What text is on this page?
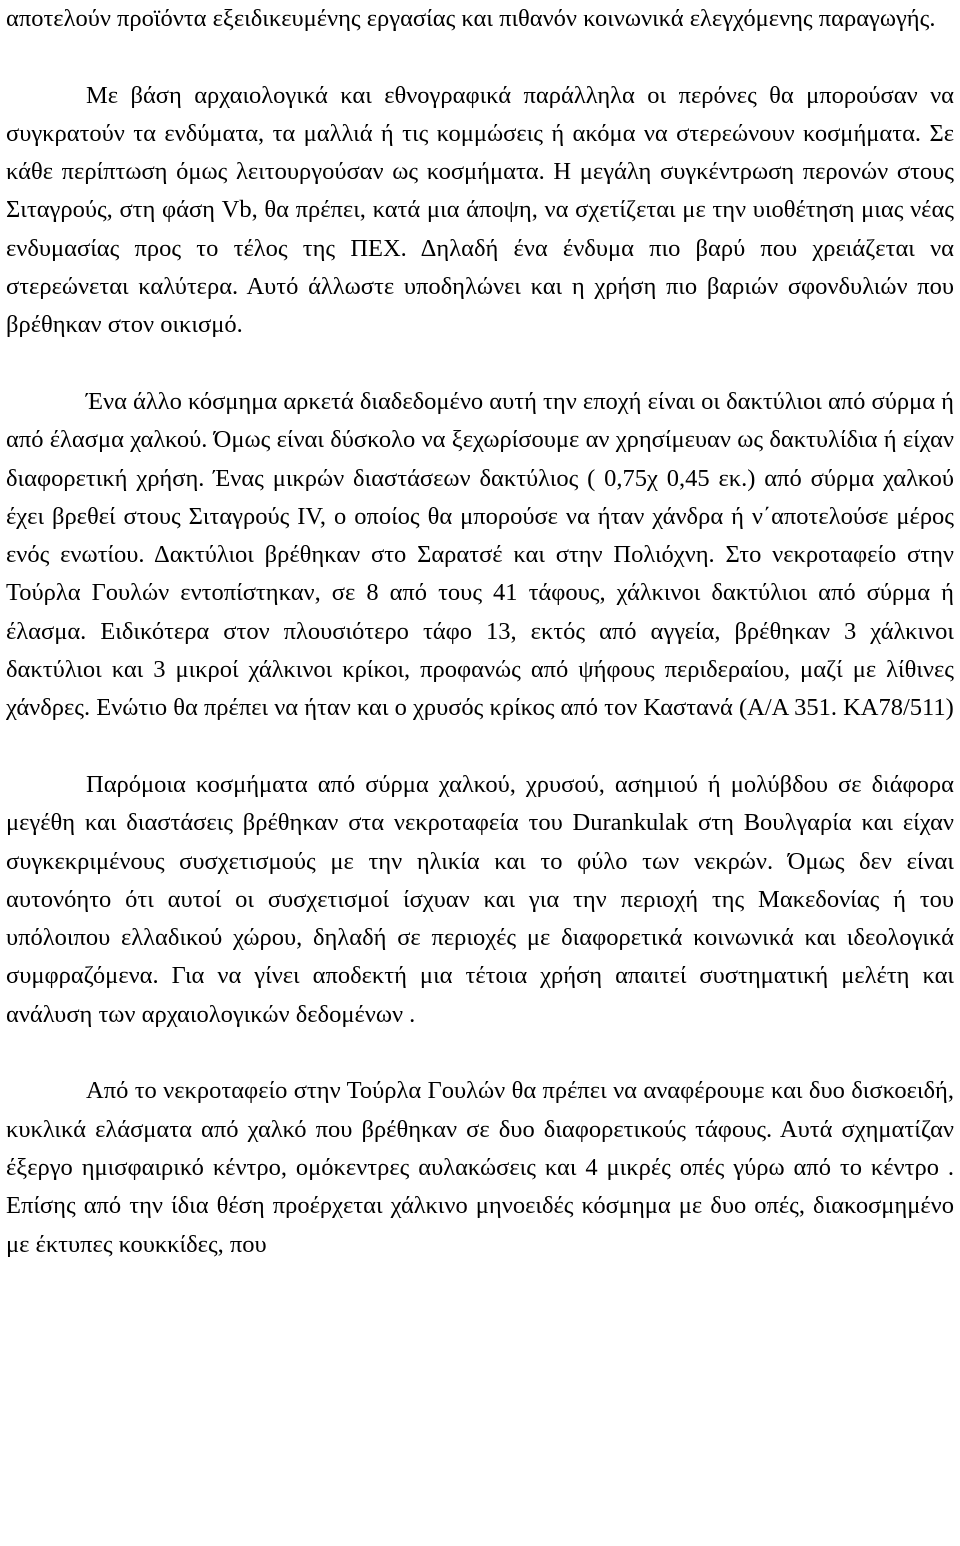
αποτελούν προϊόντα εξειδικευμένης εργασίας και πιθανόν κοινωνικά ελεγχόμενης παραγωγής.

Με βάση αρχαιολογικά και εθνογραφικά παράλληλα οι περόνες θα μπορούσαν να συγκρατούν τα ενδύματα, τα μαλλιά ή τις κομμώσεις ή ακόμα να στερεώνουν κοσμήματα. Σε κάθε περίπτωση όμως λειτουργούσαν ως κοσμήματα. Η μεγάλη συγκέντρωση περονών στους Σιταγρούς, στη φάση Vb, θα πρέπει, κατά μια άποψη, να σχετίζεται με την υιοθέτηση μιας νέας ενδυμασίας προς το τέλος της ΠΕΧ. Δηλαδή ένα ένδυμα πιο βαρύ που χρειάζεται να στερεώνεται καλύτερα. Αυτό άλλωστε υποδηλώνει και η χρήση πιο βαριών σφονδυλιών που βρέθηκαν στον οικισμό.

Ένα άλλο κόσμημα αρκετά διαδεδομένο αυτή την εποχή είναι οι δακτύλιοι από σύρμα ή από έλασμα χαλκού. Όμως είναι δύσκολο να ξεχωρίσουμε αν χρησίμευαν ως δακτυλίδια ή είχαν διαφορετική χρήση. Ένας μικρών διαστάσεων δακτύλιος ( 0,75χ 0,45 εκ.) από σύρμα χαλκού έχει βρεθεί στους Σιταγρούς IV, ο οποίος θα μπορούσε να ήταν χάνδρα ή ν΄αποτελούσε μέρος ενός ενωτίου. Δακτύλιοι βρέθηκαν στο Σαρατσέ και στην Πολιόχνη. Στο νεκροταφείο στην Τούρλα Γουλών εντοπίστηκαν, σε 8 από τους 41 τάφους, χάλκινοι δακτύλιοι από σύρμα ή έλασμα. Ειδικότερα στον πλουσιότερο τάφο 13, εκτός από αγγεία, βρέθηκαν 3 χάλκινοι δακτύλιοι και 3 μικροί χάλκινοι κρίκοι, προφανώς από ψήφους περιδεραίου, μαζί με λίθινες χάνδρες. Ενώτιο θα πρέπει να ήταν και ο χρυσός κρίκος από τον Καστανά (Α/Α 351. ΚΑ78/511)

Παρόμοια κοσμήματα από σύρμα χαλκού, χρυσού, ασημιού ή μολύβδου σε διάφορα μεγέθη και διαστάσεις βρέθηκαν στα νεκροταφεία του Durankulak στη Βουλγαρία και είχαν συγκεκριμένους συσχετισμούς με την ηλικία και το φύλο των νεκρών. Όμως δεν είναι αυτονόητο ότι αυτοί οι συσχετισμοί ίσχυαν και για την περιοχή της Μακεδονίας ή του υπόλοιπου ελλαδικού χώρου, δηλαδή σε περιοχές με διαφορετικά κοινωνικά και ιδεολογικά συμφραζόμενα. Για να γίνει αποδεκτή μια τέτοια χρήση απαιτεί συστηματική μελέτη και ανάλυση των αρχαιολογικών δεδομένων .

Από το νεκροταφείο στην Τούρλα Γουλών θα πρέπει να αναφέρουμε και δυο δισκοειδή, κυκλικά ελάσματα από χαλκό που βρέθηκαν σε δυο διαφορετικούς τάφους. Αυτά σχηματίζαν έξεργο ημισφαιρικό κέντρο, ομόκεντρες αυλακώσεις και 4 μικρές οπές γύρω από το κέντρο . Επίσης από την ίδια θέση προέρχεται χάλκινο μηνοειδές κόσμημα με δυο οπές, διακοσμημένο με έκτυπες κουκκίδες, που
